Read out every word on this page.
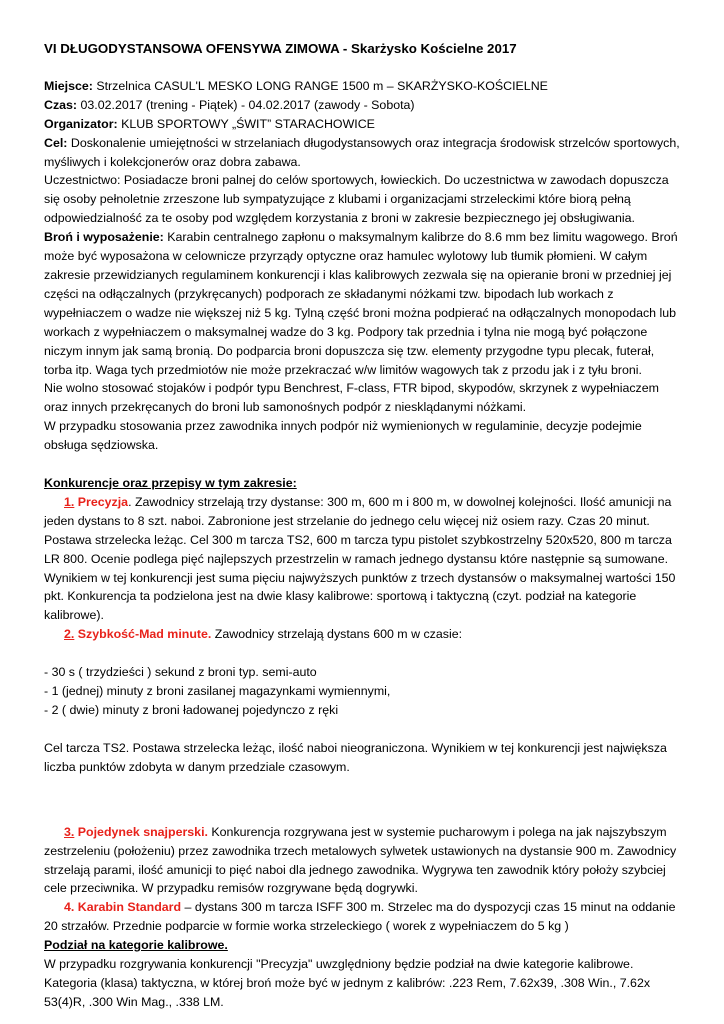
VI DŁUGODYSTANSOWA OFENSYWA ZIMOWA - Skarżysko Kościelne 2017

Miejsce: Strzelnica CASUL'L MESKO LONG RANGE 1500 m – SKARŻYSKO-KOŚCIELNE

Czas: 03.02.2017 (trening - Piątek) - 04.02.2017 (zawody - Sobota)

Organizator: KLUB SPORTOWY „ŚWIT” STARACHOWICE

Cel: Doskonalenie umiejętności w strzelaniach długodystansowych oraz integracja środowisk strzelców sportowych, myśliwych i kolekcjonerów oraz dobra zabawa.

Uczestnictwo: Posiadacze broni palnej do celów sportowych, łowieckich. Do uczestnictwa w zawodach dopuszcza się osoby pełnoletnie zrzeszone lub sympatyzujące z klubami i organizacjami strzeleckimi które biorą pełną odpowiedzialność za te osoby pod względem korzystania z broni w zakresie bezpiecznego jej obsługiwania.

Broń i wyposażenie: Karabin centralnego zapłonu o maksymalnym kalibrze do 8.6 mm bez limitu wagowego. Broń może być wyposażona w celownicze przyrządy optyczne oraz hamulec wylotowy lub tłumik płomieni. W całym zakresie przewidzianych regulaminem konkurencji i klas kalibrowych zezwala się na opieranie broni w przedniej jej części na odłączalnych (przykręcanych) podporach ze składanymi nóżkami tzw. bipodach lub workach z wypełniaczem o wadze nie większej niż 5 kg. Tylną część broni można podpierać na odłączalnych monopodach lub workach z wypełniaczem o maksymalnej wadze do 3 kg. Podpory tak przednia i tylna nie mogą być połączone niczym innym jak samą bronią. Do podparcia broni dopuszcza się tzw. elementy przygodne typu plecak, futerał, torba itp. Waga tych przedmiotów nie może przekraczać w/w limitów wagowych tak z przodu jak i z tyłu broni.

Nie wolno stosować stojaków i podpór typu Benchrest, F-class, FTR bipod, skypodów, skrzynek z wypełniaczem oraz innych przekręcanych do broni lub samonośnych podpór z niesklądanymi nóżkami.

W przypadku stosowania przez zawodnika innych podpór niż wymienionych w regulaminie, decyzje podejmie obsługa sędziowska.

Konkurencje oraz przepisy w tym zakresie:

1. Precyzja. Zawodnicy strzelają trzy dystanse: 300 m, 600 m i 800 m, w dowolnej kolejności. Ilość amunicji na jeden dystans to 8 szt. naboi. Zabronione jest strzelanie do jednego celu więcej niż osiem razy. Czas 20 minut. Postawa strzelecka leżąc. Cel 300 m tarcza TS2, 600 m tarcza typu pistolet szybkostrzelny 520x520, 800 m tarcza LR 800. Ocenie podlega pięć najlepszych przestrzelin w ramach jednego dystansu które następnie są sumowane. Wynikiem w tej konkurencji jest suma pięciu najwyższych punktów z trzech dystansów o maksymalnej wartości 150 pkt. Konkurencja ta podzielona jest na dwie klasy kalibrowe: sportową i taktyczną (czyt. podział na kategorie kalibrowe).

2. Szybkość-Mad minute. Zawodnicy strzelają dystans 600 m w czasie:

- 30 s ( trzydzieści ) sekund z broni typ. semi-auto

- 1 (jednej) minuty z broni zasilanej magazynkami wymiennymi,

- 2 ( dwie) minuty z broni ładowanej pojedynczo z ręki

Cel tarcza TS2. Postawa strzelecka leżąc, ilość naboi nieograniczona. Wynikiem w tej konkurencji jest największa liczba punktów zdobyta w danym przedziale czasowym.

3. Pojedynek snajperski. Konkurencja rozgrywana jest w systemie pucharowym i polega na jak najszybszym zestrzeleniu (położeniu) przez zawodnika trzech metalowych sylwetek ustawionych na dystansie 900 m. Zawodnicy strzelają parami, ilość amunicji to pięć naboi dla jednego zawodnika. Wygrywa ten zawodnik który położy szybciej cele przeciwnika. W przypadku remisów rozgrywane będą dogrywki.

4. Karabin Standard – dystans 300 m tarcza ISFF 300 m. Strzelec ma do dyspozycji czas 15 minut na oddanie 20 strzałów. Przednie podparcie w formie worka strzeleckiego ( worek z wypełniaczem do 5 kg )

Podział na kategorie kalibrowe.

W przypadku rozgrywania konkurencji "Precyzja" uwzględniony będzie podział na dwie kategorie kalibrowe. Kategoria (klasa) taktyczna, w której broń może być w jednym z kalibrów: .223 Rem, 7.62x39, .308 Win., 7.62x 53(4)R, .300 Win Mag., .338 LM.
